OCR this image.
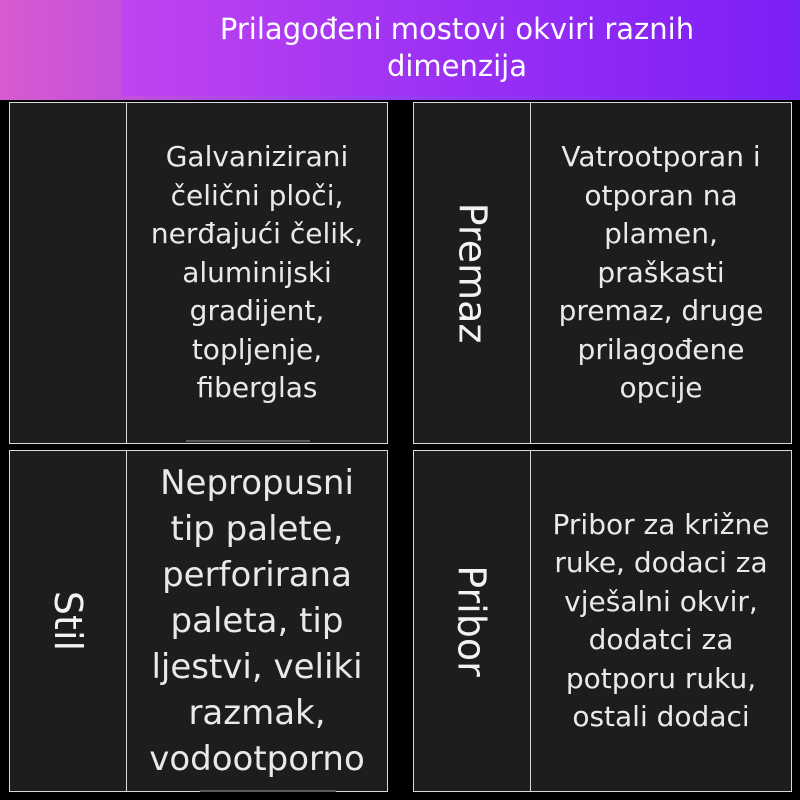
Prilagođeni mostovi okviri raznih dimenzija
Galvanizirani čelični ploči, nerđajući čelik, aluminijski gradijent, topljenje, fiberglas
Premaz
Vatrootporan i otporan na plamen, praškasti premaz, druge prilagođene opcije
Stil
Nepropusni tip palete, perforirana paleta, tip ljestvi, veliki razmak, vodootporno
Pribor
Pribor za križne ruke, dodaci za vješalni okvir, dodatci za potporu ruku, ostali dodaci
